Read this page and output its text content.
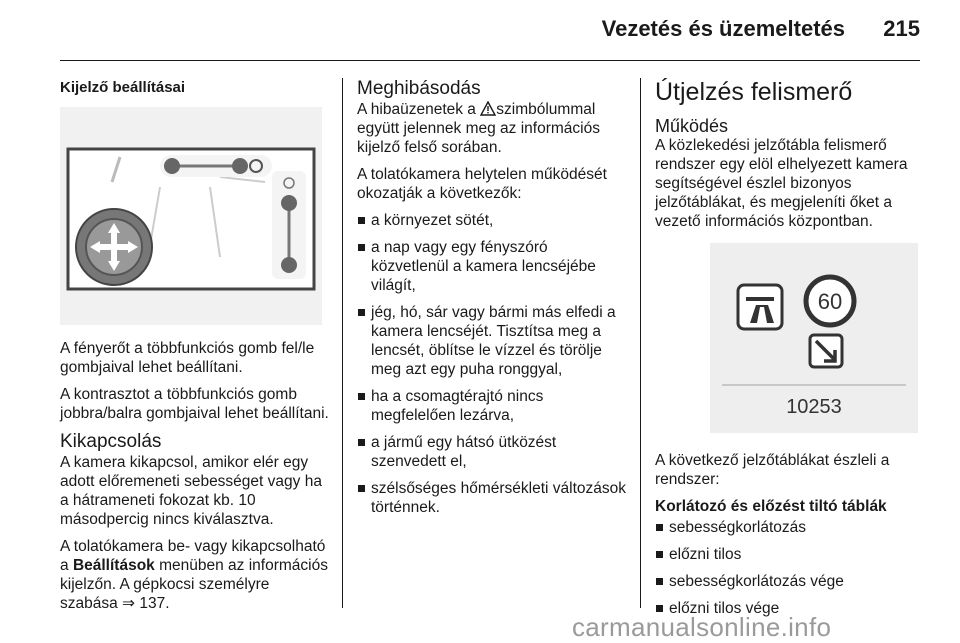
Vezetés és üzemeltetés 215
Kijelző beállításai

A fényerőt a többfunkciós gomb fel/le gombjaival lehet beállítani.

A kontrasztot a többfunkciós gomb jobbra/balra gombjaival lehet beállítani.

Kikapcsolás

A kamera kikapcsol, amikor elér egy adott előremeneti sebességet vagy ha a hátrameneti fokozat kb. 10 másodpercig nincs kiválasztva.

A tolatókamera be- vagy kikapcsolható a Beállítások menüben az információs kijelzőn. A gépkocsi személyre szabása ⇒ 137.

Meghibásodás

A hibaüzenetek a szimbólummal együtt jelennek meg az információs kijelző felső sorában.

A tolatókamera helytelen működését okozatják a következők:

a környezet sötét,
a nap vagy egy fényszóró közvetlenül a kamera lencséjébe világít,
jég, hó, sár vagy bármi más elfedi a kamera lencséjét. Tisztítsa meg a lencsét, öblítse le vízzel és törölje meg azt egy puha ronggyal,
ha a csomagtérajtó nincs megfelelően lezárva,
a jármű egy hátsó ütközést szenvedett el,
szélsőséges hőmérsékleti változások történnek.
Útjelzés felismerő
Működés

A közlekedési jelzőtábla felismerő rendszer egy elöl elhelyezett kamera segítségével észlel bizonyos jelzőtáblákat, és megjeleníti őket a vezető információs központban.

60
10253

A következő jelzőtáblákat észleli a rendszer:

Korlátozó és előzést tiltó táblák
sebességkorlátozás
előzni tilos
sebességkorlátozás vége
előzni tilos vége
carmanualsonline.info
